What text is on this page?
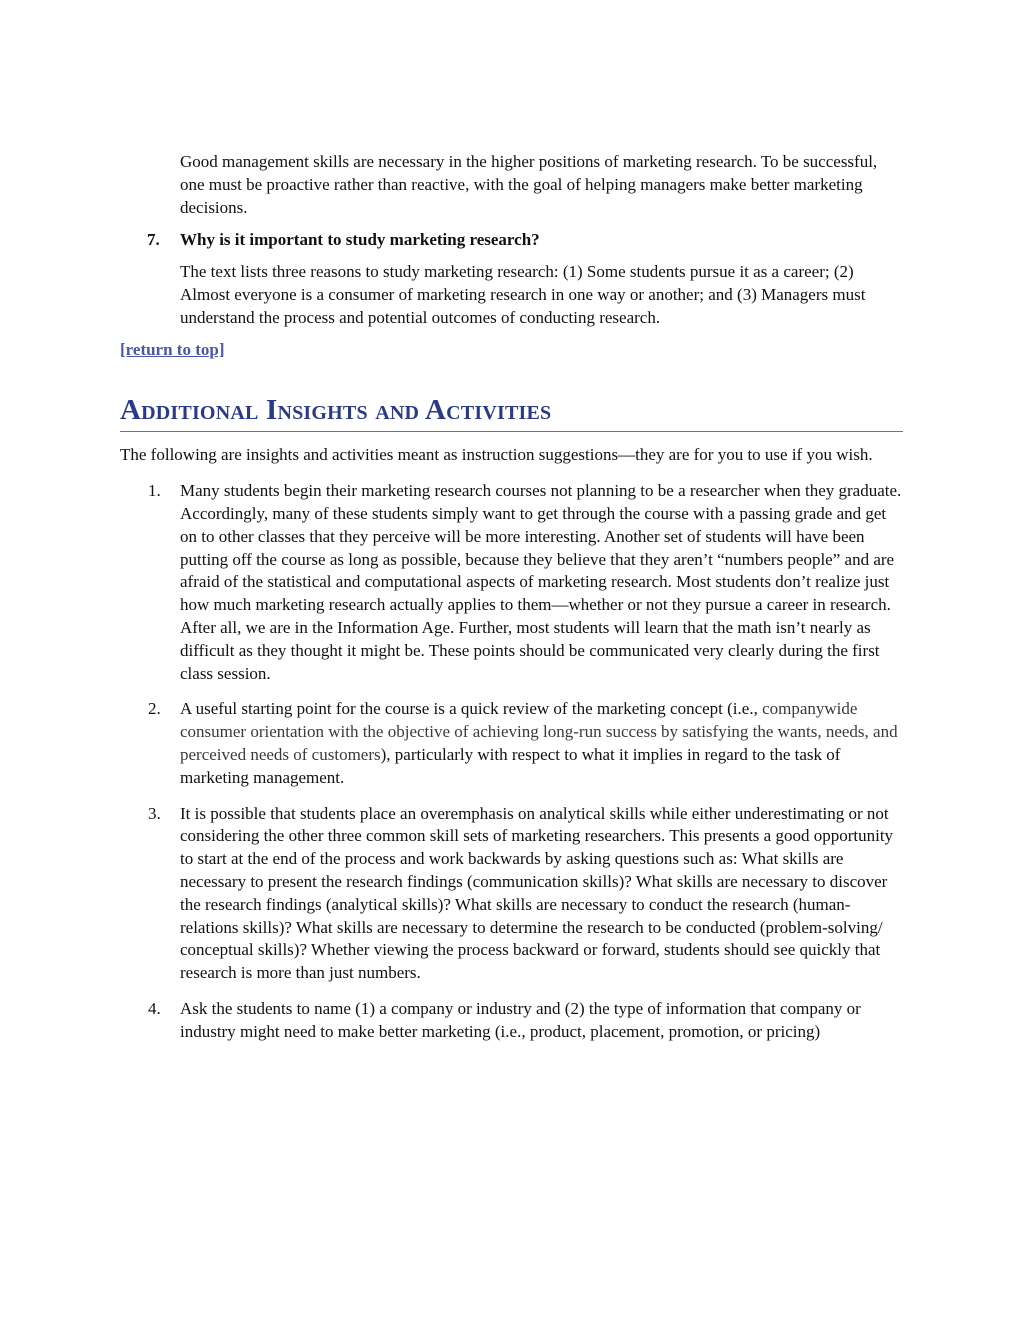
Good management skills are necessary in the higher positions of marketing research. To be successful, one must be proactive rather than reactive, with the goal of helping managers make better marketing decisions.

7.	Why is it important to study marketing research?

The text lists three reasons to study marketing research: (1) Some students pursue it as a career; (2) Almost everyone is a consumer of marketing research in one way or another; and (3) Managers must understand the process and potential outcomes of conducting research.

[return to top]
Additional Insights and Activities

The following are insights and activities meant as instruction suggestions—they are for you to use if you wish.

1.	Many students begin their marketing research courses not planning to be a researcher when they graduate. Accordingly, many of these students simply want to get through the course with a passing grade and get on to other classes that they perceive will be more interesting. Another set of students will have been putting off the course as long as possible, because they believe that they aren’t “numbers people” and are afraid of the statistical and computational aspects of marketing research. Most students don’t realize just how much marketing research actually applies to them—whether or not they pursue a career in research. After all, we are in the Information Age. Further, most students will learn that the math isn’t nearly as difficult as they thought it might be. These points should be communicated very clearly during the first class session.
2.	A useful starting point for the course is a quick review of the marketing concept (i.e., companywide consumer orientation with the objective of achieving long-run success by satisfying the wants, needs, and perceived needs of customers), particularly with respect to what it implies in regard to the task of marketing management.
3.	It is possible that students place an overemphasis on analytical skills while either underestimating or not considering the other three common skill sets of marketing researchers. This presents a good opportunity to start at the end of the process and work backwards by asking questions such as: What skills are necessary to present the research findings (communication skills)? What skills are necessary to discover the research findings (analytical skills)? What skills are necessary to conduct the research (human-relations skills)? What skills are necessary to determine the research to be conducted (problem-solving/ conceptual skills)? Whether viewing the process backward or forward, students should see quickly that research is more than just numbers.
4.	Ask the students to name (1) a company or industry and (2) the type of information that company or industry might need to make better marketing (i.e., product, placement, promotion, or pricing)
